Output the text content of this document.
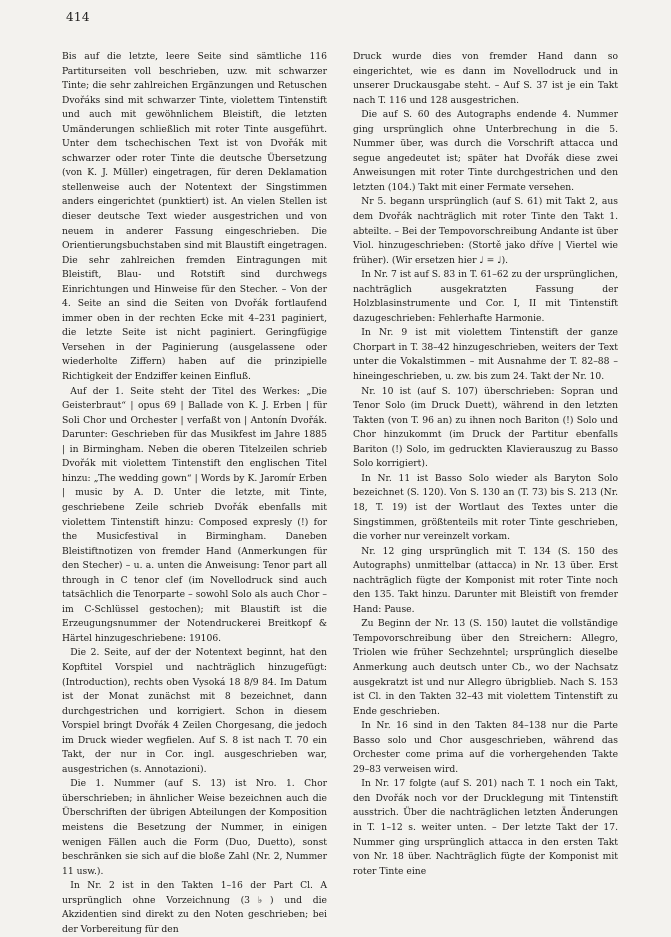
414

Bis auf die letzte, leere Seite sind sämtliche 116 Partiturseiten voll beschrieben, uzw. mit schwarzer Tinte; die sehr zahlreichen Ergänzungen und Retuschen Dvořáks sind mit schwarzer Tinte, violettem Tintenstift und auch mit gewöhnlichem Bleistift, die letzten Umänderungen schließlich mit roter Tinte ausgeführt. Unter dem tschechischen Text ist von Dvořák mit schwarzer oder roter Tinte die deutsche Übersetzung (von K. J. Müller) eingetragen, für deren Deklamation stellenweise auch der Notentext der Singstimmen anders eingerichtet (punktiert) ist. An vielen Stellen ist dieser deutsche Text wieder ausgestrichen und von neuem in anderer Fassung eingeschrieben. Die Orientierungsbuchstaben sind mit Blaustift eingetragen. Die sehr zahlreichen fremden Eintragungen mit Bleistift, Blau- und Rotstift sind durchwegs Einrichtungen und Hinweise für den Stecher. – Von der 4. Seite an sind die Seiten von Dvořák fortlaufend immer oben in der rechten Ecke mit 4–231 paginiert, die letzte Seite ist nicht paginiert. Geringfügige Versehen in der Paginierung (ausgelassene oder wiederholte Ziffern) haben auf die prinzipielle Richtigkeit der Endziffer keinen Einfluß.

Auf der 1. Seite steht der Titel des Werkes: „Die Geisterbraut“ | opus 69 | Ballade von K. J. Erben | für Soli Chor und Orchester | verfaßt von | Antonín Dvořák. Darunter: Geschrieben für das Musikfest im Jahre 1885 | in Birmingham. Neben die oberen Titelzeilen schrieb Dvořák mit violettem Tintenstift den englischen Titel hinzu: „The wedding gown“ | Words by K. Jaromír Erben | music by A. D. Unter die letzte, mit Tinte, geschriebene Zeile schrieb Dvořák ebenfalls mit violettem Tintenstift hinzu: Composed expresly (!) for the Musicfestival in Birmingham. Daneben Bleistiftnotizen von fremder Hand (Anmerkungen für den Stecher) – u. a. unten die Anweisung: Tenor part all through in C tenor clef (im Novellodruck sind auch tatsächlich die Tenorparte – sowohl Solo als auch Chor – im C-Schlüssel gestochen); mit Blaustift ist die Erzeugungsnummer der Notendruckerei Breitkopf & Härtel hinzugeschriebene: 19106.

Die 2. Seite, auf der der Notentext beginnt, hat den Kopftitel Vorspiel und nachträglich hinzugefügt: (Introduction), rechts oben Vysoká 18 8/9 84. Im Datum ist der Monat zunächst mit 8 bezeichnet, dann durchgestrichen und korrigiert. Schon in diesem Vorspiel bringt Dvořák 4 Zeilen Chorgesang, die jedoch im Druck wieder wegfielen. Auf S. 8 ist nach T. 70 ein Takt, der nur in Cor. ingl. ausgeschrieben war, ausgestrichen (s. Annotazioni).

Die 1. Nummer (auf S. 13) ist Nro. 1. Chor überschrieben; in ähnlicher Weise bezeichnen auch die Überschriften der übrigen Abteilungen der Komposition meistens die Besetzung der Nummer, in einigen wenigen Fällen auch die Form (Duo, Duetto), sonst beschränken sie sich auf die bloße Zahl (Nr. 2, Nummer 11 usw.).

In Nr. 2 ist in den Takten 1–16 der Part Cl. A ursprünglich ohne Vorzeichnung (3♭) und die Akzidentien sind direkt zu den Noten geschrieben; bei der Vorbereitung für den

Druck wurde dies von fremder Hand dann so eingerichtet, wie es dann im Novellodruck und in unserer Druckausgabe steht. – Auf S. 37 ist je ein Takt nach T. 116 und 128 ausgestrichen.

Die auf S. 60 des Autographs endende 4. Nummer ging ursprünglich ohne Unterbrechung in die 5. Nummer über, was durch die Vorschrift attacca und segue angedeutet ist; später hat Dvořák diese zwei Anweisungen mit roter Tinte durchgestrichen und den letzten (104.) Takt mit einer Fermate versehen.

Nr 5. begann ursprünglich (auf S. 61) mit Takt 2, aus dem Dvořák nachträglich mit roter Tinte den Takt 1. abteilte. – Bei der Tempovorschreibung Andante ist über Viol. hinzugeschrieben: (Stortě jako dříve | Viertel wie früher). (Wir ersetzen hier ♩ = ♩).

In Nr. 7 ist auf S. 83 in T. 61–62 zu der ursprünglichen, nachträglich ausgekratzten Fassung der Holzblasinstrumente und Cor. I, II mit Tintenstift dazugeschrieben: Fehlerhafte Harmonie.

In Nr. 9 ist mit violettem Tintenstift der ganze Chorpart in T. 38–42 hinzugeschrieben, weiters der Text unter die Vokalstimmen – mit Ausnahme der T. 82–88 – hineingeschrieben, u. zw. bis zum 24. Takt der Nr. 10.

Nr. 10 ist (auf S. 107) überschrieben: Sopran und Tenor Solo (im Druck Duett), während in den letzten Takten (von T. 96 an) zu ihnen noch Bariton (!) Solo und Chor hinzukommt (im Druck der Partitur ebenfalls Bariton (!) Solo, im gedruckten Klavierauszug zu Basso Solo korrigiert).

In Nr. 11 ist Basso Solo wieder als Baryton Solo bezeichnet (S. 120). Von S. 130 an (T. 73) bis S. 213 (Nr. 18, T. 19) ist der Wortlaut des Textes unter die Singstimmen, größtenteils mit roter Tinte geschrieben, die vorher nur vereinzelt vorkam.

Nr. 12 ging ursprünglich mit T. 134 (S. 150 des Autographs) unmittelbar (attacca) in Nr. 13 über. Erst nachträglich fügte der Komponist mit roter Tinte noch den 135. Takt hinzu. Darunter mit Bleistift von fremder Hand: Pause.

Zu Beginn der Nr. 13 (S. 150) lautet die vollständige Tempovorschreibung über den Streichern: Allegro, Triolen wie früher Sechzehntel; ursprünglich dieselbe Anmerkung auch deutsch unter Cb., wo der Nachsatz ausgekratzt ist und nur Allegro übrigblieb. Nach S. 153 ist Cl. in den Takten 32–43 mit violettem Tintenstift zu Ende geschrieben.

In Nr. 16 sind in den Takten 84–138 nur die Parte Basso solo und Chor ausgeschrieben, während das Orchester come prima auf die vorhergehenden Takte 29–83 verweisen wird.

In Nr. 17 folgte (auf S. 201) nach T. 1 noch ein Takt, den Dvořák noch vor der Drucklegung mit Tintenstift ausstrich. Über die nachträglichen letzten Änderungen in T. 1–12 s. weiter unten. – Der letzte Takt der 17. Nummer ging ursprünglich attacca in den ersten Takt von Nr. 18 über. Nachträglich fügte der Komponist mit roter Tinte eine
